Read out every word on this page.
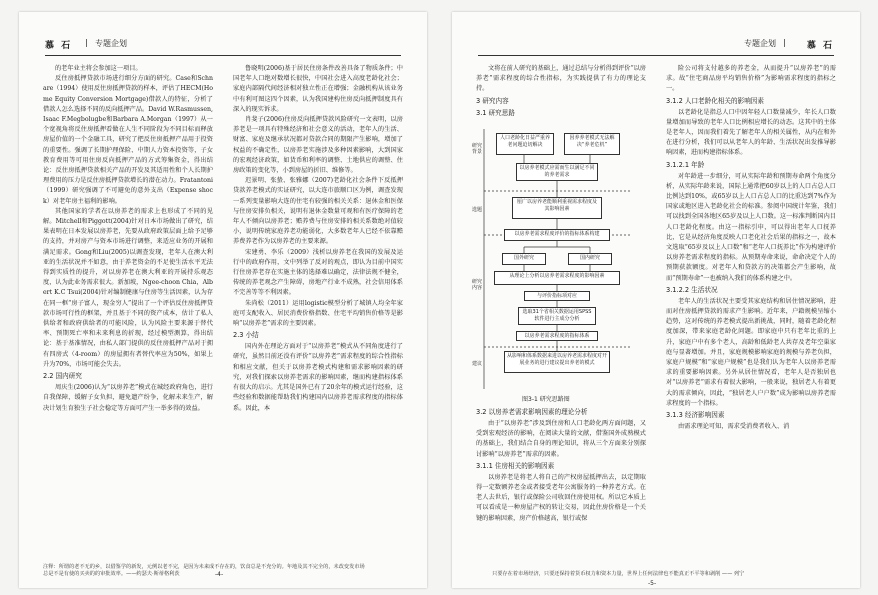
慕 石 | 专题企划

的老年业主将会参加这一项目。

反住房抵押贷款市场进行细分方面的研究。Case和Schnare（1994）使用反住房抵押贷款的样本，评估了HECM(Home Equity Conversion Mortgage)借款人的特征，分析了借款人怎么选择不同的反向抵押产品。David W.Rasmussen, Isaac F.Megbolugbe和Barbara A.Morgan（1997）从一个宽视角将反住房抵押看做在人生不同阶段为不同目标而释放房屋价值的一个金融工具，研究了把反住房抵押产品用于投资的重要性。强调了长期护理保险、中期人力资本投资等，子女教育费用等可用住房反向抵押产品的方式筹集资金，得出结论：反住房抵押贷款相关产品的开发及其适用性和个人长期护理费用的压力是反住房抵押贷款增长的潜在动力。Fratantoni（1999）研究强调了不可避免的意外支出（Expense shock）对老年房主福利的影响。

其他国家的学者在以房养老的需求上也形成了不同的见解。Mitchell和Piggott(2004)针对日本市场做出了研究，结果表明在日本发展以房养老，先要从政府政策层面上给予足够的支持，并对房产与资本市场进行调整，来适应业务的开展和满足需求。Gong和Liu(2005)以调查发现，老年人在澳大利亚的生活状况并不如意，由于养老资金的不足使生活水平无法得到实质性的提升，对以房养老在澳大利亚的开展持乐观态度，认为此业务需求很大。新加坡，Ngee-choon Chia，Albert K.C Tsui(2004)针对编制健康与住房等生活因素，认为存在同一框“房子富人，现金穷人”提出了一个评估反住房抵押贷款市场可行性的框架，并且基于不同的资产成本，估计了私人供给者和政府供给者的可能风险，认为风险主要来源于替代率、预期死亡率和未来利息的折现，经过模型测算，得出结论：基于基准情况，由私人部门提供的反住房抵押产品对于拥有四房式（4-room）的房屋拥有者替代率应为50%，如果上升为70%，市场可能会失去。

2.2 国内研究

周庆生(2006)认为“以房养老”模式在城经政府角色，进行自我保障，缓解子女负担，避免遗产纷争，化解未来生产，解决计划生育独生子社会稳定等方面可产生一举多得的效益。

鲁晓明(2006)基于居民住房条件改善具备了物质条件；中国老年人口绝对数增长很快，中国社会进入高度老龄化社会；家庭内部隔代间经济相对独立性正在增强；金融机构从该业务中有利可图这四个因素，认为我国建构住房反向抵押制度具有深入的现实诉求。

肖斐子(2006)住房反向抵押贷款风险研究一文表明，以房养老是一项具有特殊经济和社会意义的活动，老年人的生活、财富、家庭及继承状况都对贷款合同的期限产生影响，增加了权益的不确定性，以房养老实施涉及多种因素影响，大到国家的宏观经济政策，如货币和利率的调整、土地供应的调整、住房政策的变化等，小到房屋的折旧、维修等。

迟景明、张蛰、张雅娜（2007)老龄化社会条件下反抵押贷款养老模式的实证研究，以大连市旅顺口区为例，调查发现一系列变量影响大连的住宅有较强的相关关系：退休金和医保与住房安排负相关，说明有退休金数量可观和有医疗保障的老年人不倾向以房养老；赡养费与住房安排的相关系数绝对值较小，说明传统家庭养老功能弱化，大多数老年人已经不依靠赡养费养老作为以房养老的主要来源。

宋建勇、李乐（2009）浅析以房养老在我国的发展及运行中的政府作用，文中列举了反对的观点，即认为目前中国实行住房养老存在实施主体的选择难以确定，法律法规不健全，传统的养老观念产生障碍，房地产行业不成熟，社会信用体系不完善等等不利因素。

朱尚松（2011）运用logistic模型分析了城镇人均全年家庭可支配收入、居民消费价格指数、住宅平均销售价格等是影响“以房养老”需求的主要因素。

2.3 小结

国内外在理论方面对于“以房养老”模式从不同角度进行了研究，虽然目前还没有评价“以房养老”需求程度的综合性指标和相应文献，但关于以房养老模式构建和需求影响因素的研究，对我们探索以房养老需求的影响因素，继而构建指标体系有很大的启示。尤其是国外已有了20余年的模式运行经验，这些经验和数据能帮助我们构建国内以房养老需求程度的指标体系。因此，本

注释：所谓的老不无的乡，以借鉴学的新发，元例以老不完，是因为未来成不存在的，饮食总是不充分的。年地及其不完全的，未改变发市场总是不是有使的买卖的的审批效率。——约瑟夫·斯蒂格利茨	-4-
专题企划 | 慕 石

文将在前人研究的基础上，通过总结与分析得到评价“以房养老”需求程度的综合性指标，为实践提供了有力的理论支持。

3 研究内容
3.1 研究思路
研究背景
选题
研究内容
建议
人口老龄化日益严重养老问题迫切解决
因养养老模式无法解决“养老危机”
以房养老模式应需而生以满足不同的养老需求
厘广以房养老能顺利重视需求程度及其影响因素
以房养老需求程度评价的指标体系构建
国外研究	国内研究
从理论上分析以房养老需求程度的影响因素
与评价指标项对应
选取31个省相关数据运用SPSS软件进行主成分分析
以房养老需求程度的指标体系
从影响和体系数据来进以房养老需求程度对开展业务的进行建议提出养老的模式
图3-1 研究思路图
3.2 以房养老需求影响因素的理论分析

由于“以房养老”涉及到住房和人口老龄化两方面问题，又受到宏观经济的影响，在阅读大量的文献，借鉴国外成熟模式的基础上，我们结合自身的理论知识，将从三个方面来分别探讨影响“以房养老”需求的因素。

3.1.1 住房相关的影响因素

以房养老是将老人将自己的产权房屋抵押出去，以定期取得一定数额养老金或者接受老年公寓服务的一种养老方式。在老人去世后，银行或保险公司收回住房使用权。所以它本质上可以看成是一种房屋产权的转让交易，因此住房价格是一个关键的影响因素，房产价格越高，银行或保

险公司将支付越多的养老金，从而提升“以房养老”的需求。故“住宅商品房平均销售价格”为影响需求程度的指标之一。

3.1.2 人口老龄化相关的影响因素

以老龄化是指总人口中因年轻人口数量减少，年长人口数量增加而导致的老年人口比例相应增长的动态。这其中的主体是老年人，因而我们着先了解老年人的相关属性，从内在和外在进行分析，我们可以从老年人的年龄、生活状况出发推导影响因素，进而构建指标体系。

3.1.2.1 年龄

对年龄进一步细分，可从实际年龄和预期寿命两个角度分析，从实际年龄来说，国际上通常把60岁以上的人口占总人口比例达到10%，或65岁以上人口占总人口的比重达到7%作为国家或地区进入老龄化社会的标准。参阅中国统计年鉴，我们可以找到全国各地区65岁及以上人口数。这一标准判断国内目人口老龄化程度。由这一指标引申，可以得出老年人口抚养比，它是从经济角度反映人口老化社会后果的指标之一，故本文选取“65岁及以上人口数”和“老年人口抚养比”作为构建评价以房养老需求程度的指标。从预期寿命来说，命命决定个人的预期获款额度。对老年人和贷款方的决策都会产生影响，故而“预期寿命”一也被纳入我们的体系构建之中。

3.1.2.2 生活状况

老年人的生活状况主要受其家庭结构和居住情况影响，进而对住房抵押贷款的需求产生影响。近年来，户籍规模呈缩小趋势，这对传统的养老模式提出新挑战，同时，随着老龄化程度加深，带来家庭老龄化问题。即家庭中只有老年比重的上升，家庭户中有多个老人，高龄和低龄老人共存及老年空巢家庭与显著增加。并且，家庭规模影响家庭的规模与养老负担，家庭户规模”和“家庭户规模”也是我们认为老年人以房养老需求的重要影响因素。另外从居住情况看，老年人是否独居也对“以房养老”需求有着很大影响，一般来说，独居老人有着更大的需求倾向，因此，“独居老人户户数”成为影响以房养老需求程度的一个指标。

3.1.3 经济影响因素

由需求理论可知，需求受消费者收入、消

只要存在着市场经济，只要还保持着货币权力和资本力量，世界上任何法律也不能真正不平等和剥削 —— 列宁
-5-
